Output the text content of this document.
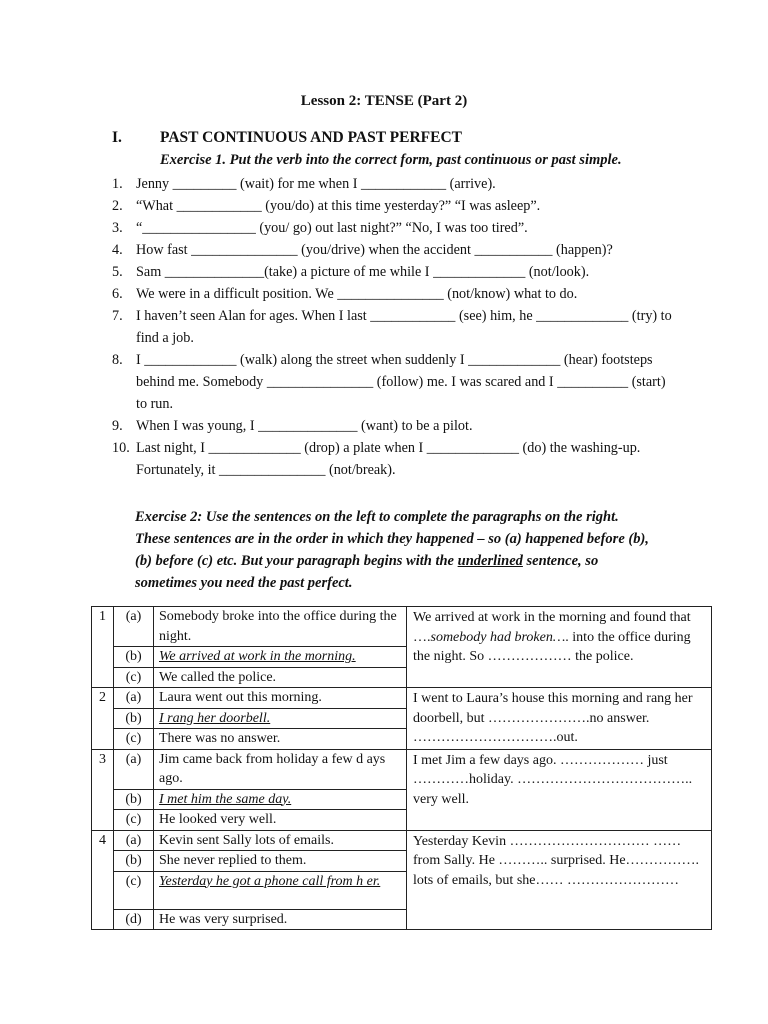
Lesson 2: TENSE (Part 2)
I. PAST CONTINUOUS AND PAST PERFECT
Exercise 1. Put the verb into the correct form, past continuous or past simple.
1. Jenny _________ (wait) for me when I ____________ (arrive).
2. “What ____________ (you/do) at this time yesterday?” “I was asleep”.
3. “________________ (you/ go) out last night?” “No, I was too tired”.
4. How fast _______________ (you/drive) when the accident ___________ (happen)?
5. Sam ______________(take) a picture of me while I _____________ (not/look).
6. We were in a difficult position. We _______________ (not/know) what to do.
7. I haven’t seen Alan for ages. When I last ____________ (see) him, he _____________ (try) to find a job.
8. I _____________ (walk) along the street when suddenly I _____________ (hear) footsteps behind me. Somebody _______________ (follow) me. I was scared and I __________ (start) to run.
9. When I was young, I ______________ (want) to be a pilot.
10. Last night, I _____________ (drop) a plate when I _____________ (do) the washing-up. Fortunately, it _______________ (not/break).
Exercise 2: Use the sentences on the left to complete the paragraphs on the right. These sentences are in the order in which they happened – so (a) happened before (b), (b) before (c) etc. But your paragraph begins with the underlined sentence, so sometimes you need the past perfect.
1	(a)	Somebody broke into the office during the night.	We arrived at work in the morning and found that ….somebody had broken…. into the office during the night. So ……………… the police.
	(b)	We arrived at work in the morning.	
	(c)	We called the police.	
2	(a)	Laura went out this morning.	I went to Laura’s house this morning and rang her doorbell, but ………………….no answer. ………………………….out.
	(b)	I rang her doorbell.	
	(c)	There was no answer.	
3	(a)	Jim came back from holiday a few d ays ago.	I met Jim a few days ago. ……………… just …………holiday. ……………………………….. very well.
	(b)	I met him the same day.	
	(c)	He looked very well.	
4	(a)	Kevin sent Sally lots of emails.	Yesterday Kevin ………………………… …… from Sally. He ……….. surprised. He……………. lots of emails, but she…… ……………………
	(b)	She never replied to them.	
	(c)	Yesterday he got a phone call from h er.	
	(d)	He was very surprised.	
